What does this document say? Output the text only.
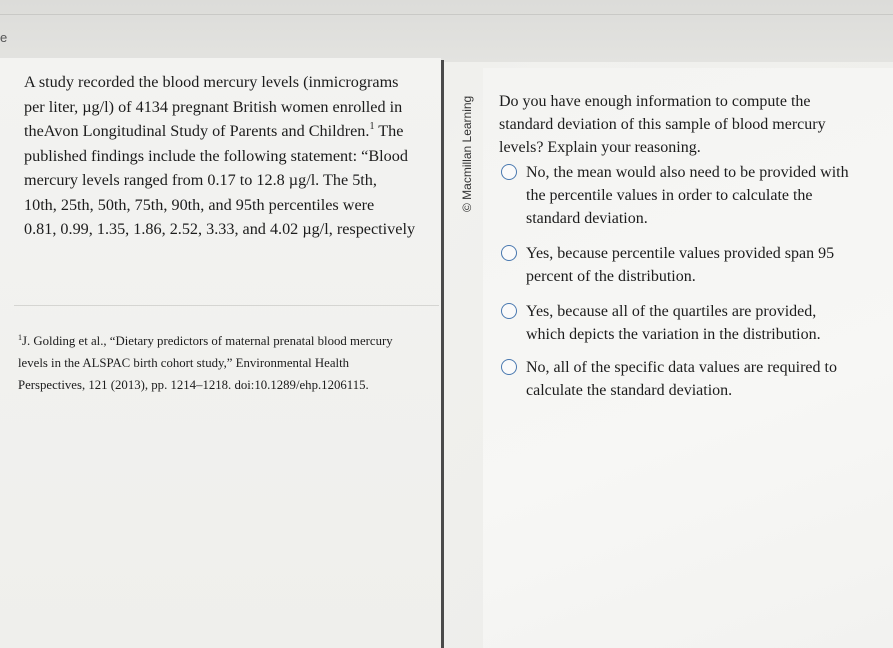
e

A study recorded the blood mercury levels (inmicrograms
per liter, µg/l) of 4134 pregnant British women enrolled in
theAvon Longitudinal Study of Parents and Children.$^1$ The
published findings include the following statement: “Blood
mercury levels ranged from 0.17 to 12.8 µg/l. The 5th,
10th, 25th, 50th, 75th, 90th, and 95th percentiles were
0.81, 0.99, 1.35, 1.86, 2.52, 3.33, and 4.02 µg/l, respectively

$^1$J. Golding et al., “Dietary predictors of maternal prenatal blood mercury
levels in the ALSPAC birth cohort study,” Environmental Health
Perspectives, 121 (2013), pp. 1214–1218. doi:10.1289/ehp.1206115.

© Macmillan Learning Do you have enough information to compute the
standard deviation of this sample of blood mercury
levels? Explain your reasoning.

No, the mean would also need to be provided with
the percentile values in order to calculate the
standard deviation.
Yes, because percentile values provided span 95
percent of the distribution.
Yes, because all of the quartiles are provided,
which depicts the variation in the distribution.
No, all of the specific data values are required to
calculate the standard deviation.
